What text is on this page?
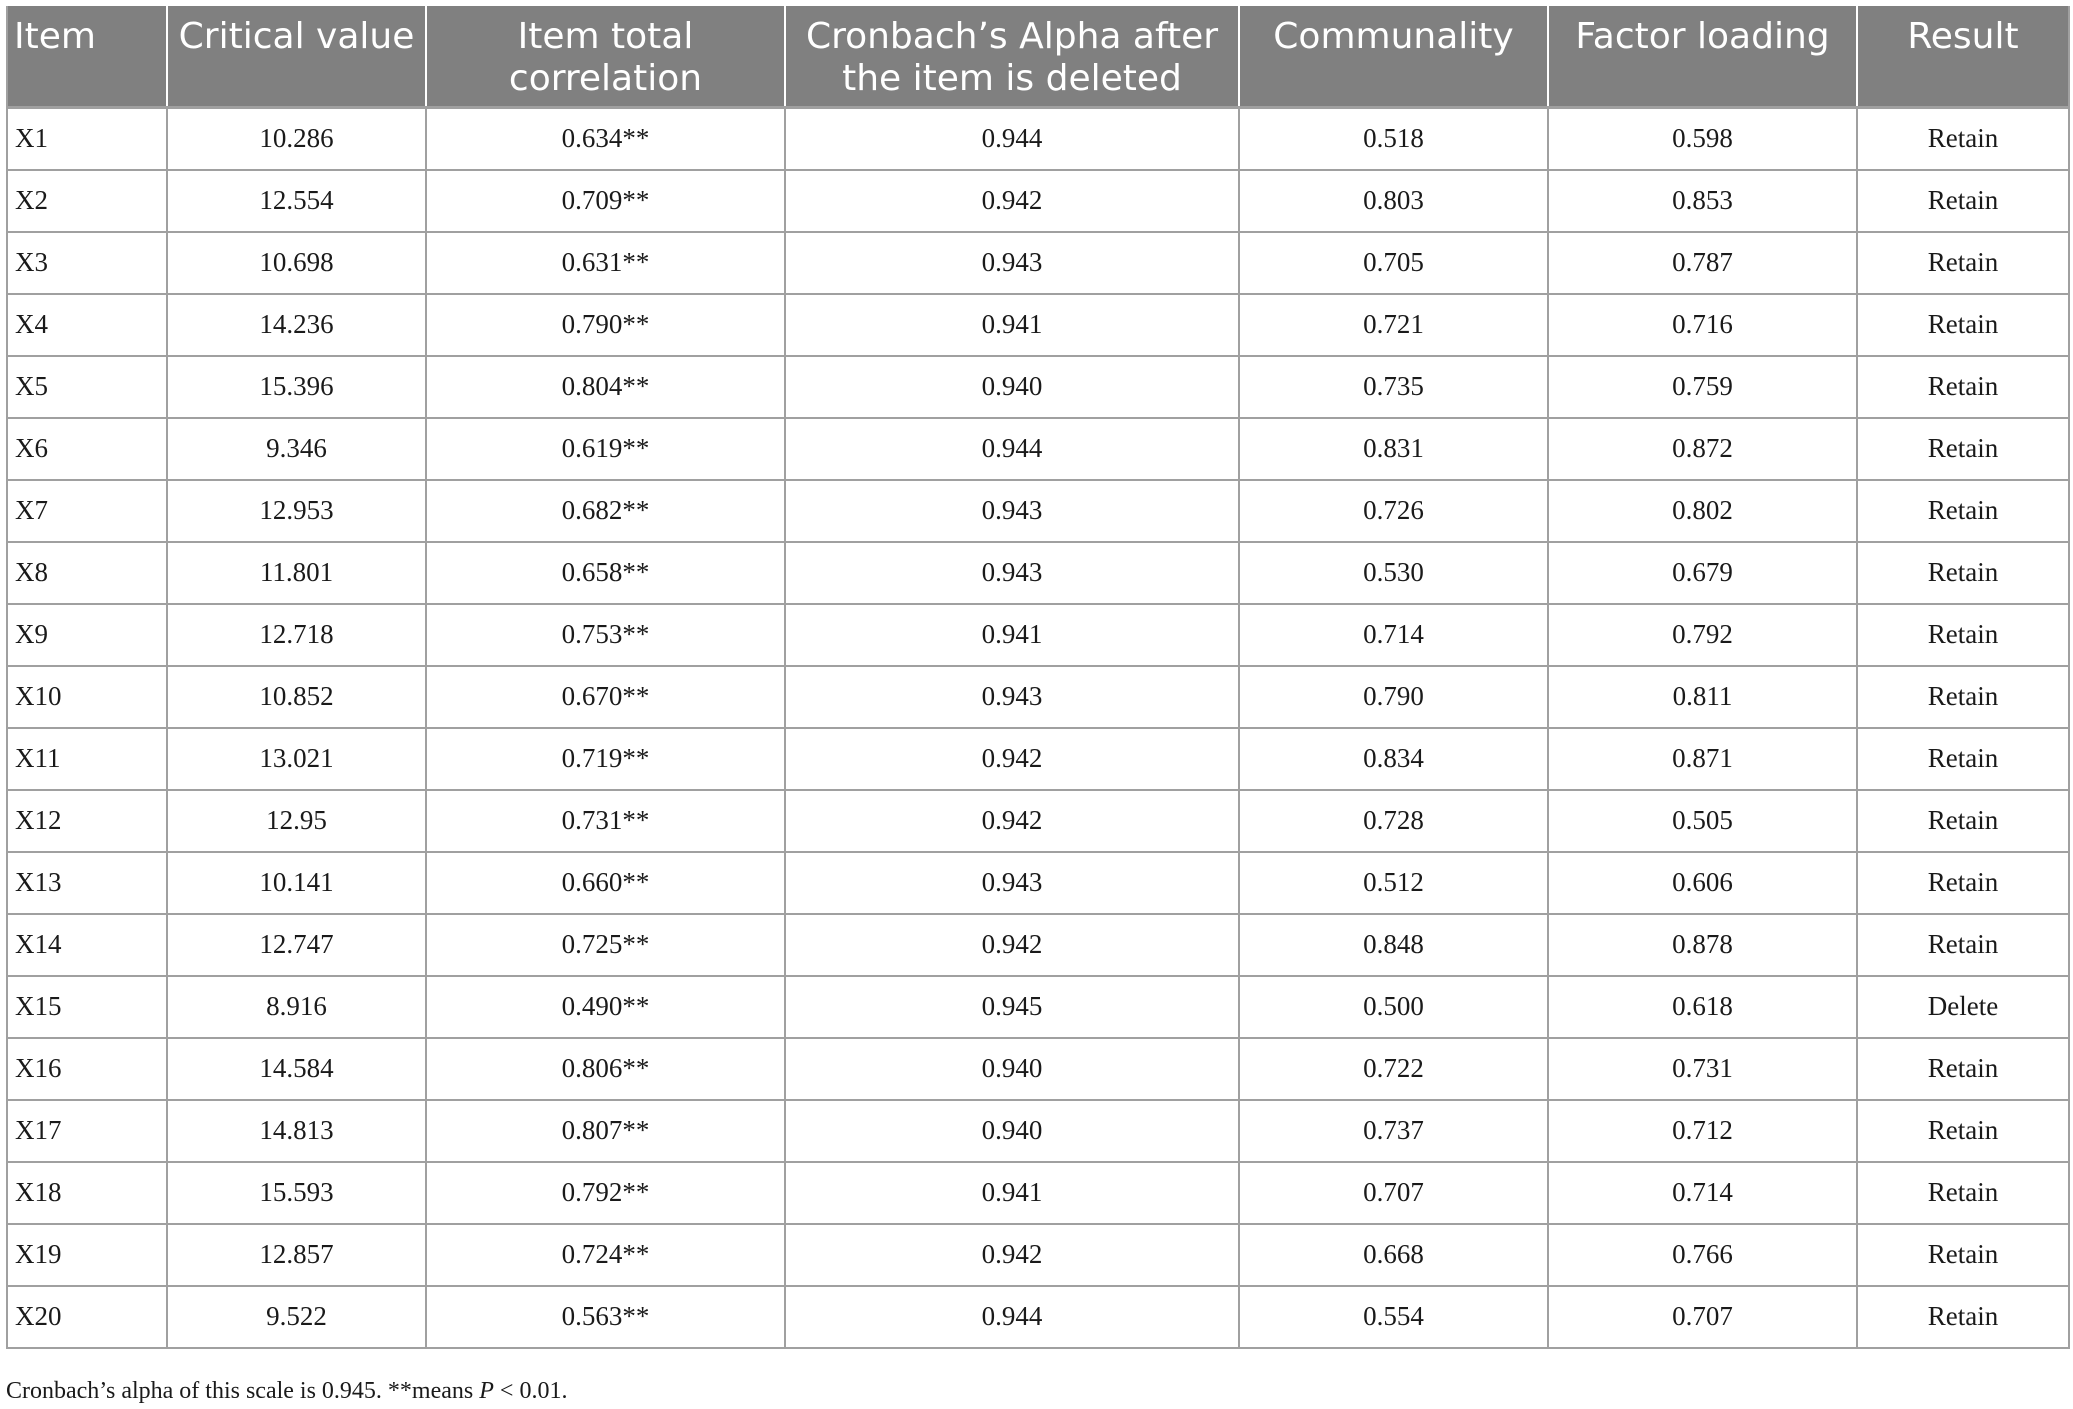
Item	Critical value	Item total correlation	Cronbach’s Alpha after the item is deleted	Communality	Factor loading	Result
X1	10.286	0.634**	0.944	0.518	0.598	Retain
X2	12.554	0.709**	0.942	0.803	0.853	Retain
X3	10.698	0.631**	0.943	0.705	0.787	Retain
X4	14.236	0.790**	0.941	0.721	0.716	Retain
X5	15.396	0.804**	0.940	0.735	0.759	Retain
X6	9.346	0.619**	0.944	0.831	0.872	Retain
X7	12.953	0.682**	0.943	0.726	0.802	Retain
X8	11.801	0.658**	0.943	0.530	0.679	Retain
X9	12.718	0.753**	0.941	0.714	0.792	Retain
X10	10.852	0.670**	0.943	0.790	0.811	Retain
X11	13.021	0.719**	0.942	0.834	0.871	Retain
X12	12.95	0.731**	0.942	0.728	0.505	Retain
X13	10.141	0.660**	0.943	0.512	0.606	Retain
X14	12.747	0.725**	0.942	0.848	0.878	Retain
X15	8.916	0.490**	0.945	0.500	0.618	Delete
X16	14.584	0.806**	0.940	0.722	0.731	Retain
X17	14.813	0.807**	0.940	0.737	0.712	Retain
X18	15.593	0.792**	0.941	0.707	0.714	Retain
X19	12.857	0.724**	0.942	0.668	0.766	Retain
X20	9.522	0.563**	0.944	0.554	0.707	Retain

Cronbach’s alpha of this scale is 0.945. **means P < 0.01.
